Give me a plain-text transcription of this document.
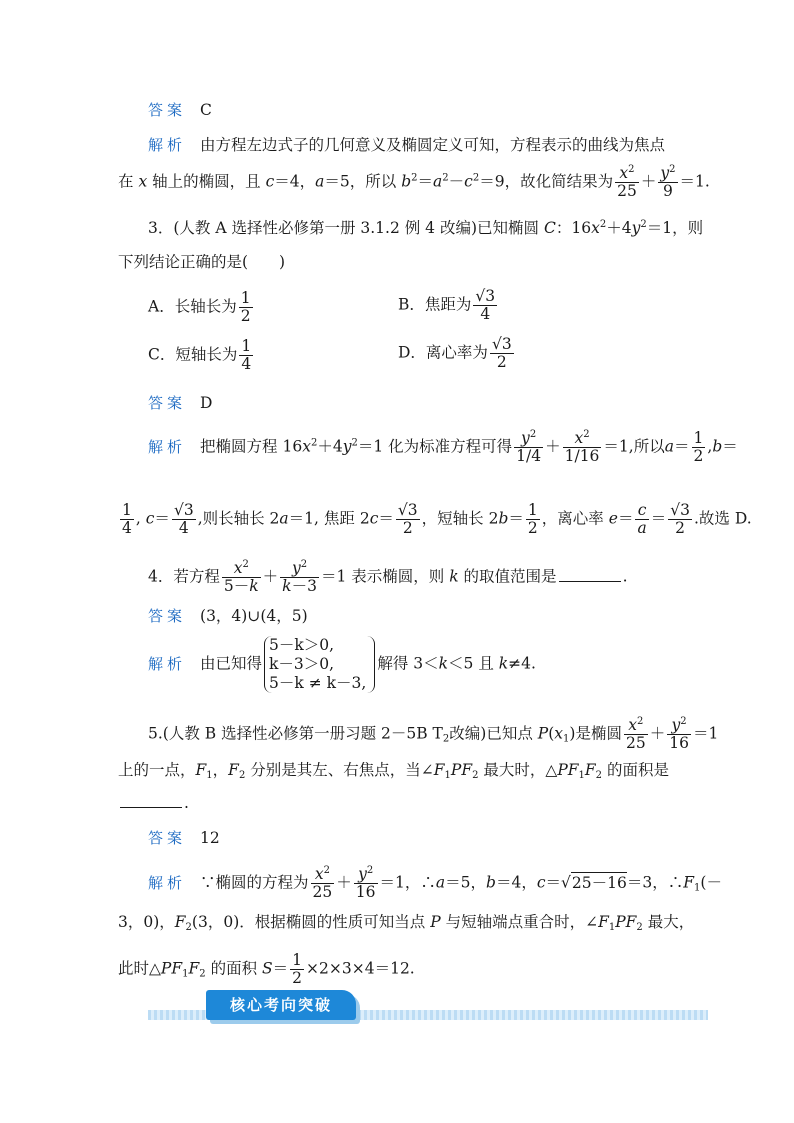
答案 C
解析 由方程左边式子的几何意义及椭圆定义可知，方程表示的曲线为焦点
在 x 轴上的椭圆，且 c＝4，a＝5，所以 $b^2=a^2-c^2=9$，故化简结果为 $\frac{x^2}{25} + \frac{y^2}{9} =1$.
3．(人教 A 选择性必修第一册 3.1.2 例 4 改编)已知椭圆 C：$16x^2+4y^2=1$，则
下列结论正确的是(　　)
A．长轴长为 $\frac{1}{2}$	B．焦距为 $\frac{√3}{4}$
C．短轴长为 $\frac{1}{4}$	D．离心率为 $\frac{√3}{2}$
答案 D
解析 把椭圆方程 $16x^2+4y^2=1$ 化为标准方程可得 $\frac{y^2}{1/4} + \frac{x^2}{1/16} =1$,所以$a= \frac{1}{2} ,b=$
$\frac{1}{4}$ , $c= \frac{√3}{4}$ ,则长轴长 2a＝1, 焦距 $2c= \frac{√3}{2}$ ，短轴长 $2b= \frac{1}{2}$ ，离心率 $e= \frac{c}{a} = \frac{√3}{2}$ .故选 D.
4．若方程 $\frac{x^2}{5-k} + \frac{y^2}{k-3} =1$ 表示椭圆，则 k 的取值范围是	.
答案 (3，4)∪(4，5)
解析 由已知得
5－k＞0,
k－3＞0,
5－k ≠ k－3,
解得 3＜k＜5 且 k≠4.
5.(人教 B 选择性必修第一册习题 2－5B $T_2$改编)已知点 $P(x_1)$是椭圆 $\frac{x^2}{25} + \frac{y^2}{16} =1$
上的一点，$F_1$，$F_2$ 分别是其左、右焦点，当$\angle F_1PF_2$ 最大时，$\triangle PF_1F_2$ 的面积是
.
答案 12
解析 ∵椭圆的方程为 $\frac{x^2}{25} + \frac{y^2}{16} =1$，∴a＝5，b＝4，c＝√25－16＝3，$\therefore F_1(-$
3，0)，$F_2(3$，0)．根据椭圆的性质可知当点 P 与短轴端点重合时，$\angle F_1PF_2$ 最大，
此时$\triangle PF_1F_2$ 的面积 $S= \frac{1}{2} \times 2\times 3\times 4=12$.
核心考向突破
